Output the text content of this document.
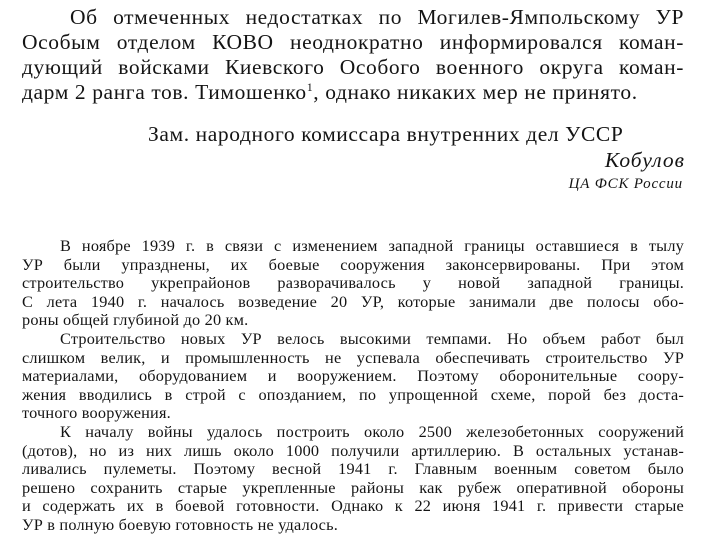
Об отмеченных недостатках по Могилев-Ямпольскому УР
Особым отделом КОВО неоднократно информировался коман-
дующий войсками Киевского Особого военного округа коман-
дарм 2 ранга тов. Тимошенко$^1$, однако никаких мер не принято.
Зам. народного комиссара внутренних дел УССР
Кобулов
ЦА ФСК России
В ноябре 1939 г. в связи с изменением западной границы оставшиеся в тылу
УР были упразднены, их боевые сооружения законсервированы. При этом
строительство укрепрайонов разворачивалось у новой западной границы.
С лета 1940 г. началось возведение 20 УР, которые занимали две полосы обо-
роны общей глубиной до 20 км.
Строительство новых УР велось высокими темпами. Но объем работ был
слишком велик, и промышленность не успевала обеспечивать строительство УР
материалами, оборудованием и вооружением. Поэтому оборонительные соору-
жения вводились в строй с опозданием, по упрощенной схеме, порой без доста-
точного вооружения.
К началу войны удалось построить около 2500 железобетонных сооружений
(дотов), но из них лишь около 1000 получили артиллерию. В остальных устанав-
ливались пулеметы. Поэтому весной 1941 г. Главным военным советом было
решено сохранить старые укрепленные районы как рубеж оперативной обороны
и содержать их в боевой готовности. Однако к 22 июня 1941 г. привести старые
УР в полную боевую готовность не удалось.
